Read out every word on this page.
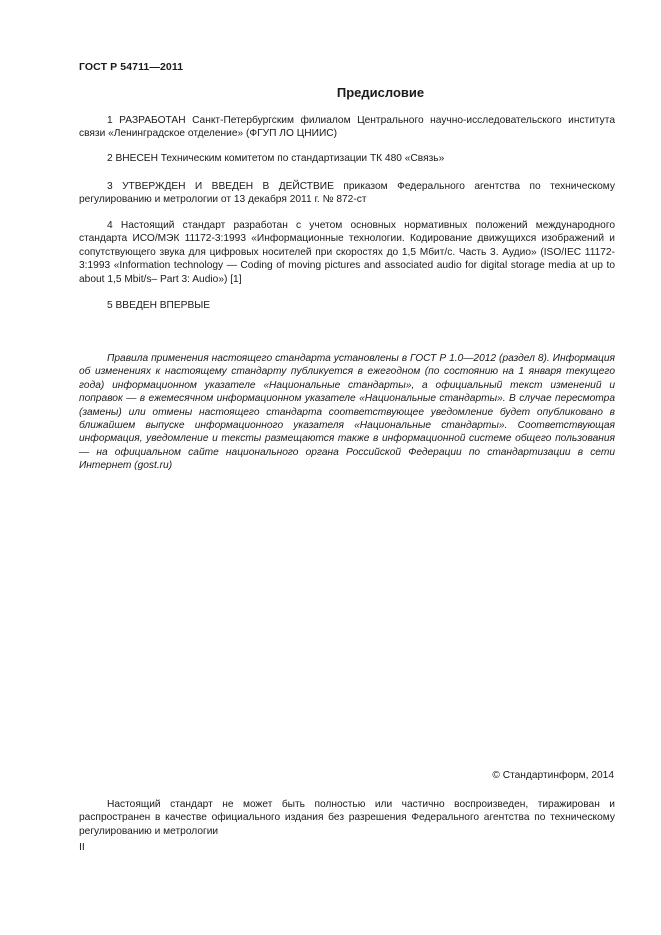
ГОСТ Р 54711—2011
Предисловие
1 РАЗРАБОТАН Санкт-Петербургским филиалом Центрального научно-исследовательского института связи «Ленинградское отделение» (ФГУП ЛО ЦНИИС)
2 ВНЕСЕН Техническим комитетом по стандартизации ТК 480 «Связь»
3 УТВЕРЖДЕН И ВВЕДЕН В ДЕЙСТВИЕ приказом Федерального агентства по техническому регулированию и метрологии от 13 декабря 2011 г. № 872-ст
4 Настоящий стандарт разработан с учетом основных нормативных положений международного стандарта ИСО/МЭК 11172-3:1993 «Информационные технологии. Кодирование движущихся изображений и сопутствующего звука для цифровых носителей при скоростях до 1,5 Мбит/с. Часть 3. Аудио» (ISO/IEC 11172-3:1993 «Information technology — Coding of moving pictures and associated audio for digital storage media at up to about 1,5 Mbit/s– Part 3: Audio») [1]
5 ВВЕДЕН ВПЕРВЫЕ
Правила применения настоящего стандарта установлены в ГОСТ Р 1.0—2012 (раздел 8). Информация об изменениях к настоящему стандарту публикуется в ежегодном (по состоянию на 1 января текущего года) информационном указателе «Национальные стандарты», а официальный текст изменений и поправок — в ежемесячном информационном указателе «Национальные стандарты». В случае пересмотра (замены) или отмены настоящего стандарта соответствующее уведомление будет опубликовано в ближайшем выпуске информационного указателя «Национальные стандарты». Соответствующая информация, уведомление и тексты размещаются также в информационной системе общего пользования — на официальном сайте национального органа Российской Федерации по стандартизации в сети Интернет (gost.ru)
© Стандартинформ, 2014
Настоящий стандарт не может быть полностью или частично воспроизведен, тиражирован и распространен в качестве официального издания без разрешения Федерального агентства по техническому регулированию и метрологии
II
